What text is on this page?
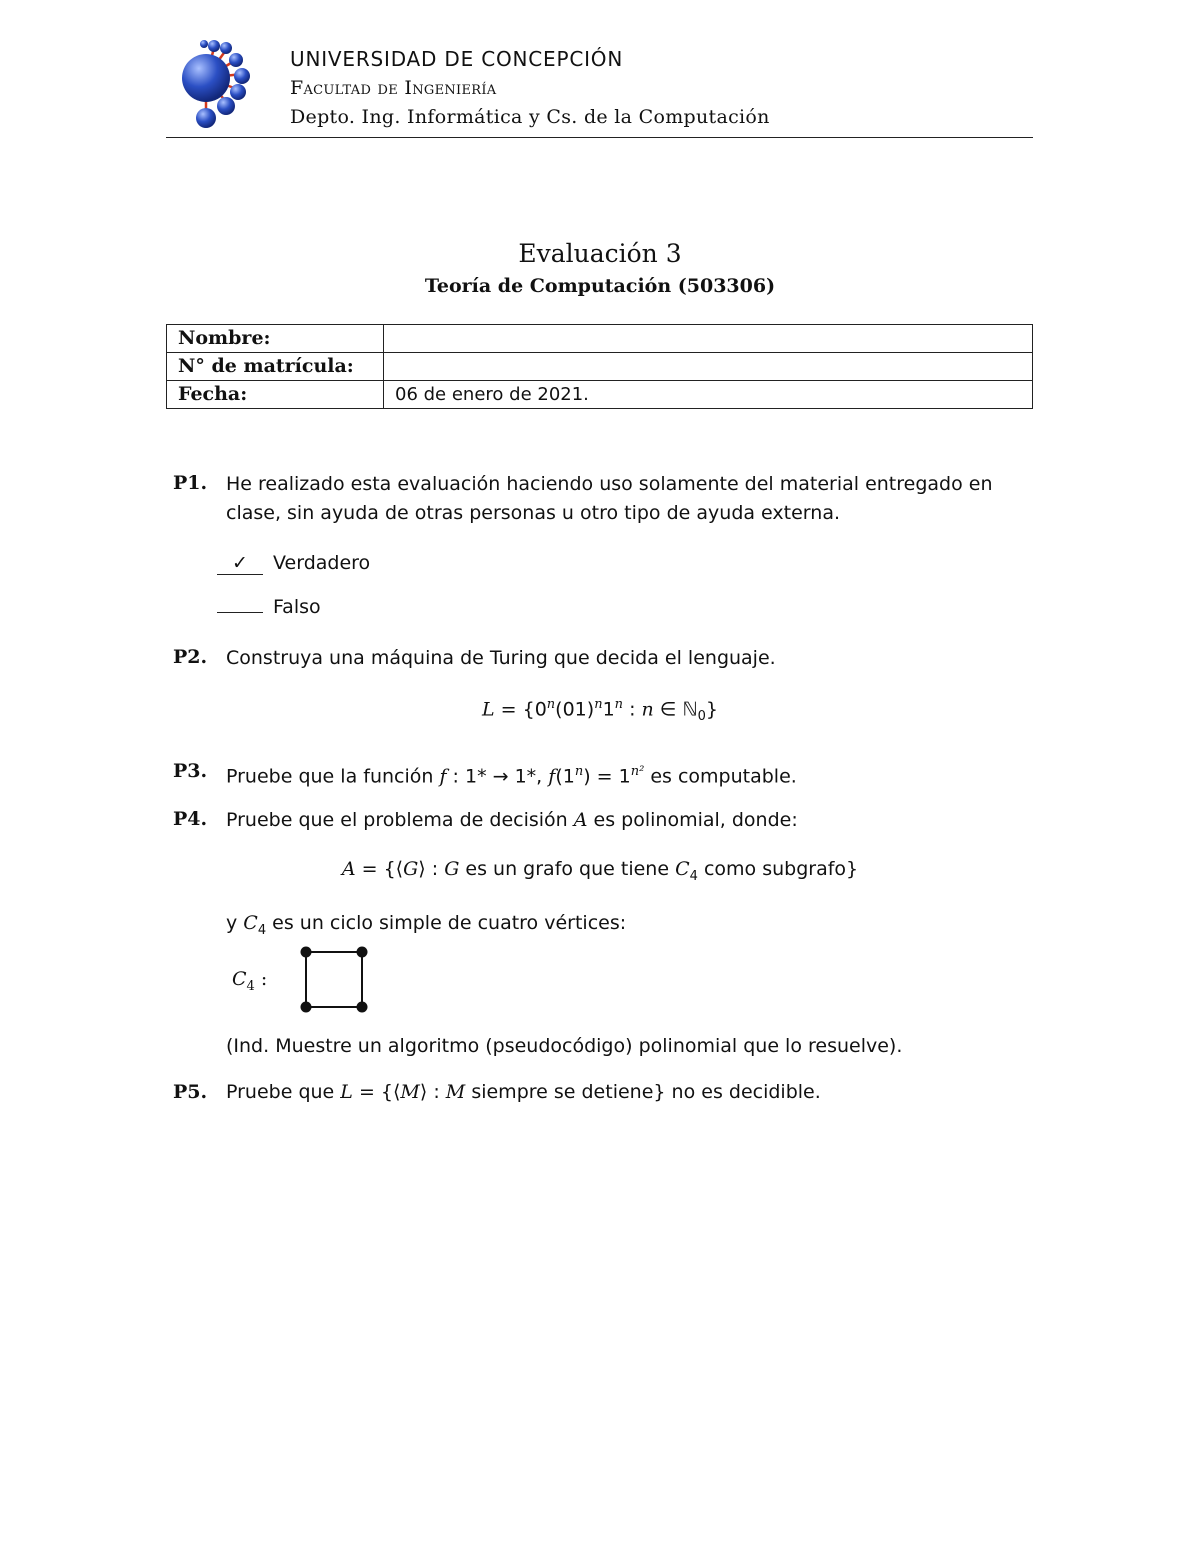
UNIVERSIDAD DE CONCEPCIÓN
Facultad de Ingeniería
Depto. Ing. Informática y Cs. de la Computación
Evaluación 3
Teoría de Computación (503306)
Nombre:	
N° de matrícula:	
Fecha:	06 de enero de 2021.
P1. He realizado esta evaluación haciendo uso solamente del material entregado en
clase, sin ayuda de otras personas u otro tipo de ayuda externa.
✓ Verdadero
Falso
P2. Construya una máquina de Turing que decida el lenguaje.
$L = \{0^n(01)^n1^n$ : n ∈ ℕ$_0$}
P3. Pruebe que la función f : 1* → 1*, $f(1^n) = 1^{n^2}$ es computable.
P4. Pruebe que el problema de decisión A es polinomial, donde:
A = {⟨G⟩ : G es un grafo que tiene $C_4$ como subgrafo}
y $C_4$ es un ciclo simple de cuatro vértices:
$C_4$ :
(Ind. Muestre un algoritmo (pseudocódigo) polinomial que lo resuelve).
P5. Pruebe que L = {⟨M⟩ : M siempre se detiene} no es decidible.
